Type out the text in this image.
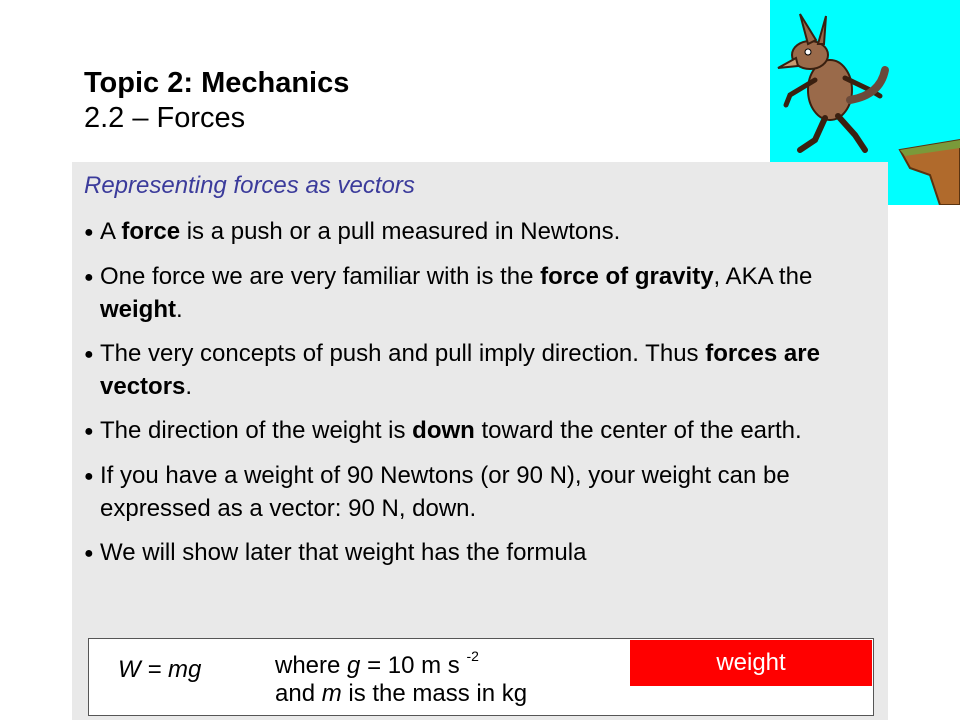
Topic 2: Mechanics
2.2 – Forces
Representing forces as vectors
● A force is a push or a pull measured in Newtons.
● One force we are very familiar with is the force of gravity, AKA the weight.
● The very concepts of push and pull imply direction. Thus forces are vectors.
● The direction of the weight is down toward the center of the earth.
● If you have a weight of 90 Newtons (or 90 N), your weight can be expressed as a vector: 90 N, down.
● We will show later that weight has the formula
W = mg	where g = 10 m s $^{-2}$
and m is the mass in kg
weight
